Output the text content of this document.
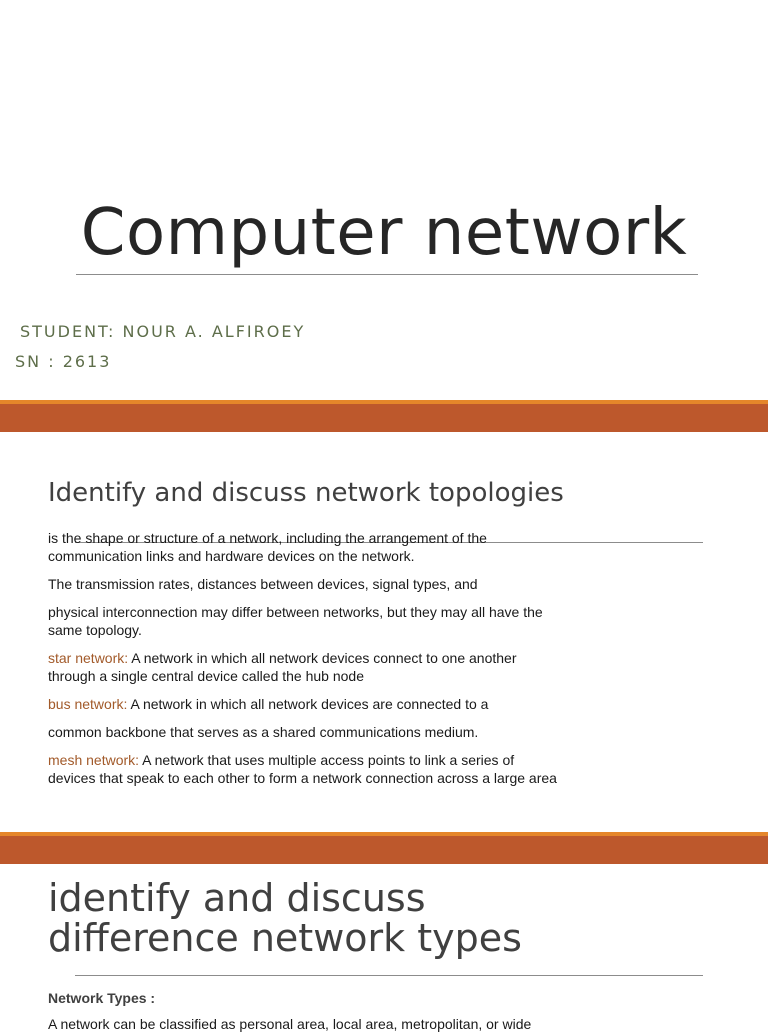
Computer network

STUDENT: NOUR A. ALFIROEY

SN : 2613

Identify and discuss network topologies

is the shape or structure of a network, including the arrangement of the
communication links and hardware devices on the network.

The transmission rates, distances between devices, signal types, and

physical interconnection may differ between networks, but they may all have the
same topology.

star network: A network in which all network devices connect to one another
through a single central device called the hub node

bus network: A network in which all network devices are connected to a

common backbone that serves as a shared communications medium.

mesh network: A network that uses multiple access points to link a series of
devices that speak to each other to form a network connection across a large area

identify and discuss
difference network types

Network Types :

A network can be classified as personal area, local area, metropolitan, or wide
